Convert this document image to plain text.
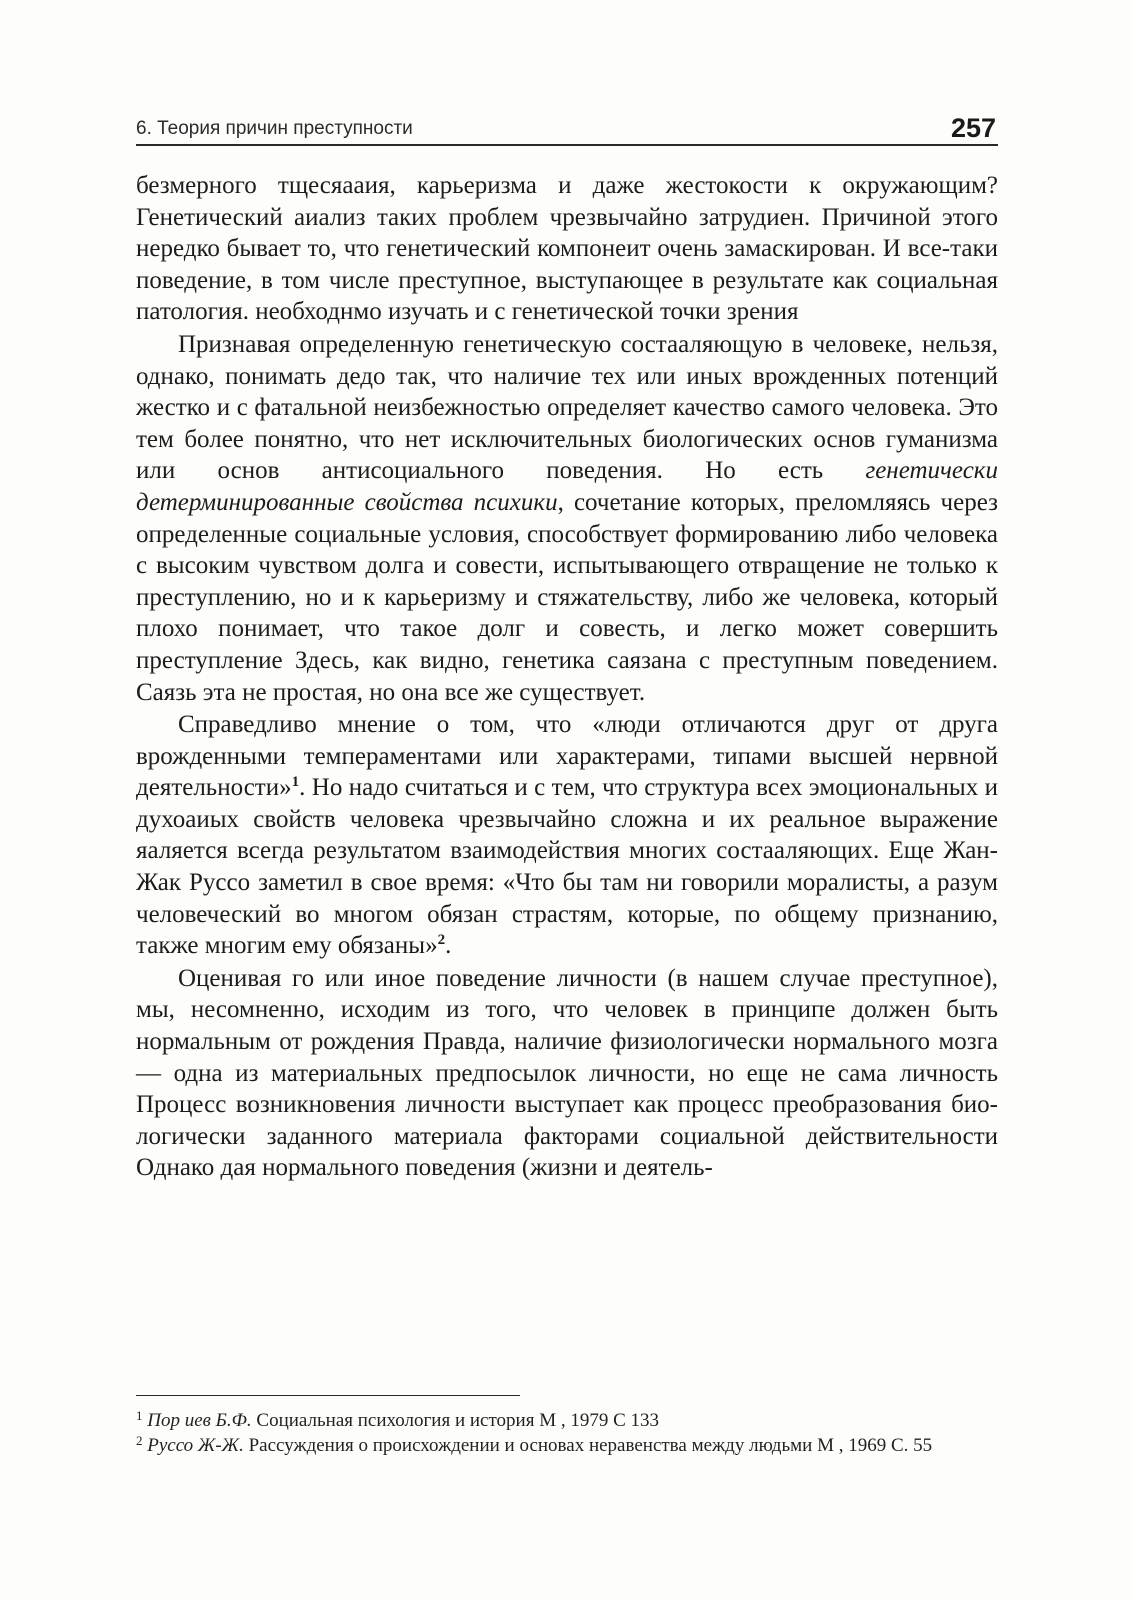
6. Теория причин преступности	257

безмерного тщесяааия, карьеризма и даже жестокости к окружающим? Генетический аиализ таких проблем чрезвычайно затрудиен. Причиной этого нередко бывает то, что генетический компонеит очень замаскирован. И все-таки поведение, в том числе преступное, выступающее в результате как социальная патология. необходнмо изучать и с генетической точки зрения

Признавая определенную генетическую состааляющую в человеке, нельзя, однако, понимать дедо так, что наличие тех или иных врожденных потенций жестко и с фатальной неизбежностью определяет качество самого человека. Это тем более понятно, что нет исключительных биологических основ гуманизма или основ антисоциального поведения. Но есть генетически детерминированные свойства психики, сочетание которых, преломляясь через определенные социальные условия, способствует формированию либо человека с высоким чувством долга и совести, испытывающего отвращение не только к преступлению, но и к карьеризму и стяжательству, либо же человека, который плохо понимает, что такое долг и совесть, и легко может совершить преступление Здесь, как видно, генетика саязана с преступным поведением. Саязь эта не простая, но она все же существует.

Справедливо мнение о том, что «люди отличаются друг от друга врожденными темпераментами или характерами, типами высшей нервной деятельности»$^1$. Но надо считаться и с тем, что структура всех эмоциональных и духоаиых свойств человека чрезвычайно сложна и их реальное выражение яаляется всегда результатом взаимодействия многих состааляющих. Еще Жан-Жак Руссо заметил в свое время: «Что бы там ни говорили моралисты, а разум человеческий во многом обязан страстям, которые, по общему признанию, также многим ему обязаны»$^2$.

Оценивая го или иное поведение личности (в нашем случае преступное), мы, несомненно, исходим из того, что человек в принципе должен быть нормальным от рождения Правда, наличие физиологически нормального мозга — одна из материальных предпосылок личности, но еще не сама личность Процесс возникновения личности выступает как процесс преобразования биологически заданного материала факторами социальной действительности Однако дая нормального поведения (жизни и деятель-

$^1$ Пор иев Б.Ф. Социальная психология и история М , 1979 С 133

$^2$ Руссо Ж-Ж. Рассуждения о происхождении и основах неравенства между людьми М , 1969 С. 55
